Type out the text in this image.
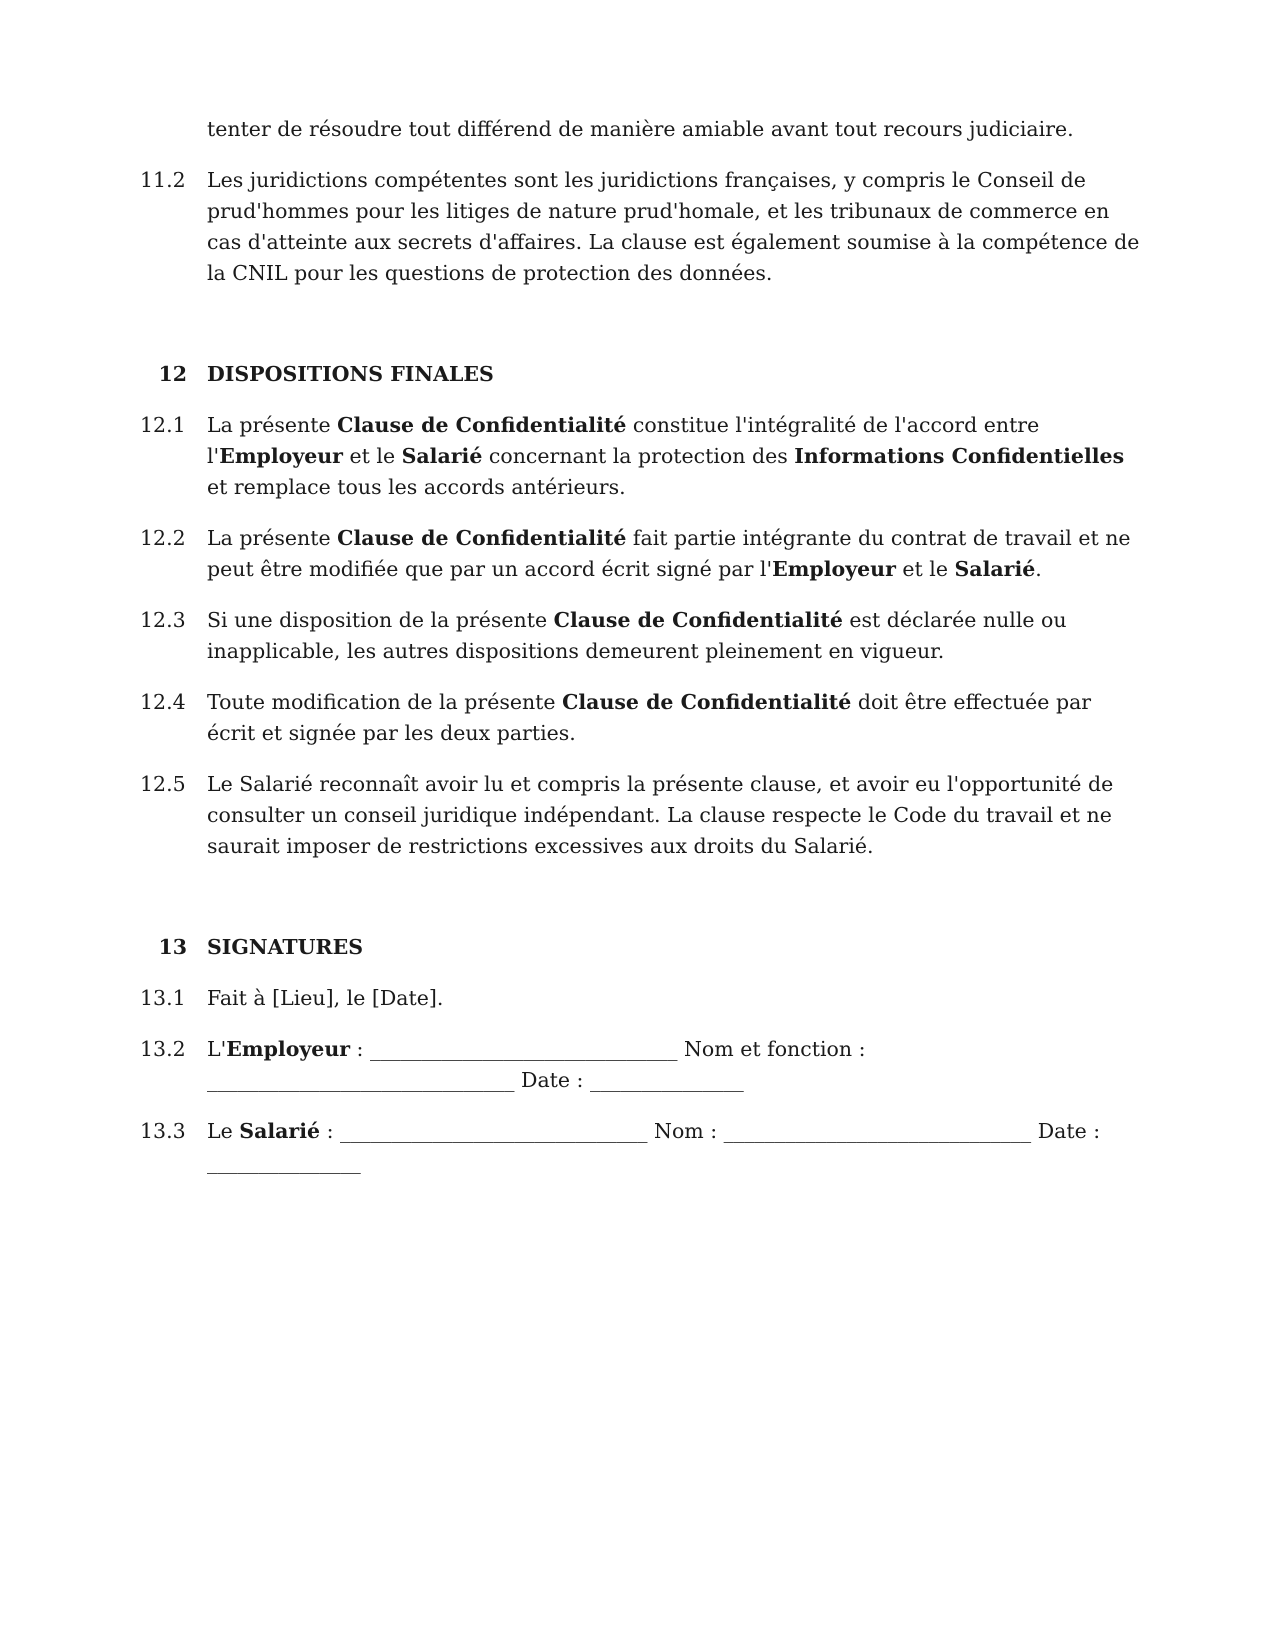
tenter de résoudre tout différend de manière amiable avant tout recours judiciaire.
11.2	Les juridictions compétentes sont les juridictions françaises, y compris le Conseil de prud'hommes pour les litiges de nature prud'homale, et les tribunaux de commerce en cas d'atteinte aux secrets d'affaires. La clause est également soumise à la compétence de la CNIL pour les questions de protection des données.
12 DISPOSITIONS FINALES
12.1	La présente Clause de Confidentialité constitue l'intégralité de l'accord entre l'Employeur et le Salarié concernant la protection des Informations Confidentielles et remplace tous les accords antérieurs.
12.2	La présente Clause de Confidentialité fait partie intégrante du contrat de travail et ne peut être modifiée que par un accord écrit signé par l'Employeur et le Salarié.
12.3	Si une disposition de la présente Clause de Confidentialité est déclarée nulle ou inapplicable, les autres dispositions demeurent pleinement en vigueur.
12.4	Toute modification de la présente Clause de Confidentialité doit être effectuée par écrit et signée par les deux parties.
12.5	Le Salarié reconnaît avoir lu et compris la présente clause, et avoir eu l'opportunité de consulter un conseil juridique indépendant. La clause respecte le Code du travail et ne saurait imposer de restrictions excessives aux droits du Salarié.
13 SIGNATURES
13.1	Fait à [Lieu], le [Date].
13.2	L'Employeur : ______________________________ Nom et fonction : ______________________________ Date : _______________
13.3	Le Salarié : ______________________________ Nom : ______________________________ Date : _______________
